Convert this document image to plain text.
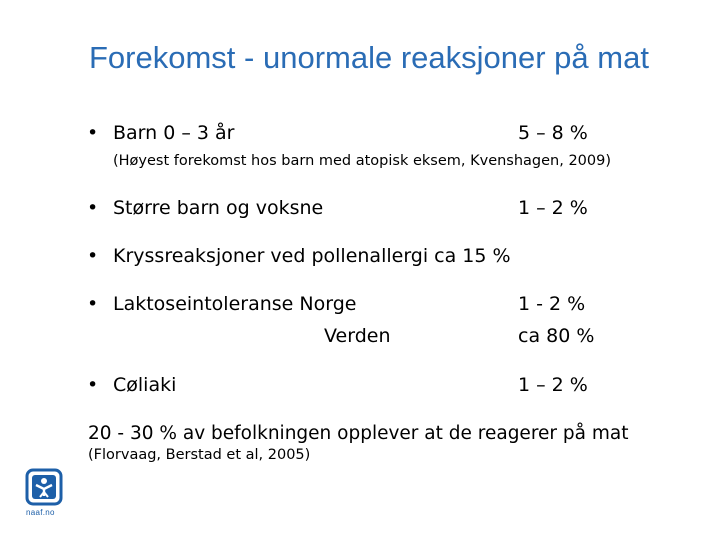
Forekomst - unormale reaksjoner på mat
• Barn 0 – 3 år	5 – 8 %
(Høyest forekomst hos barn med atopisk eksem, Kvenshagen, 2009)
• Større barn og voksne	1 – 2 %
• Kryssreaksjoner ved pollenallergi ca 15 %
• Laktoseintoleranse Norge	1 - 2 %
Verden	ca 80 %
• Cøliaki	1 – 2 %
20 - 30 % av befolkningen opplever at de reagerer på mat
(Florvaag, Berstad et al, 2005)
naaf.no
